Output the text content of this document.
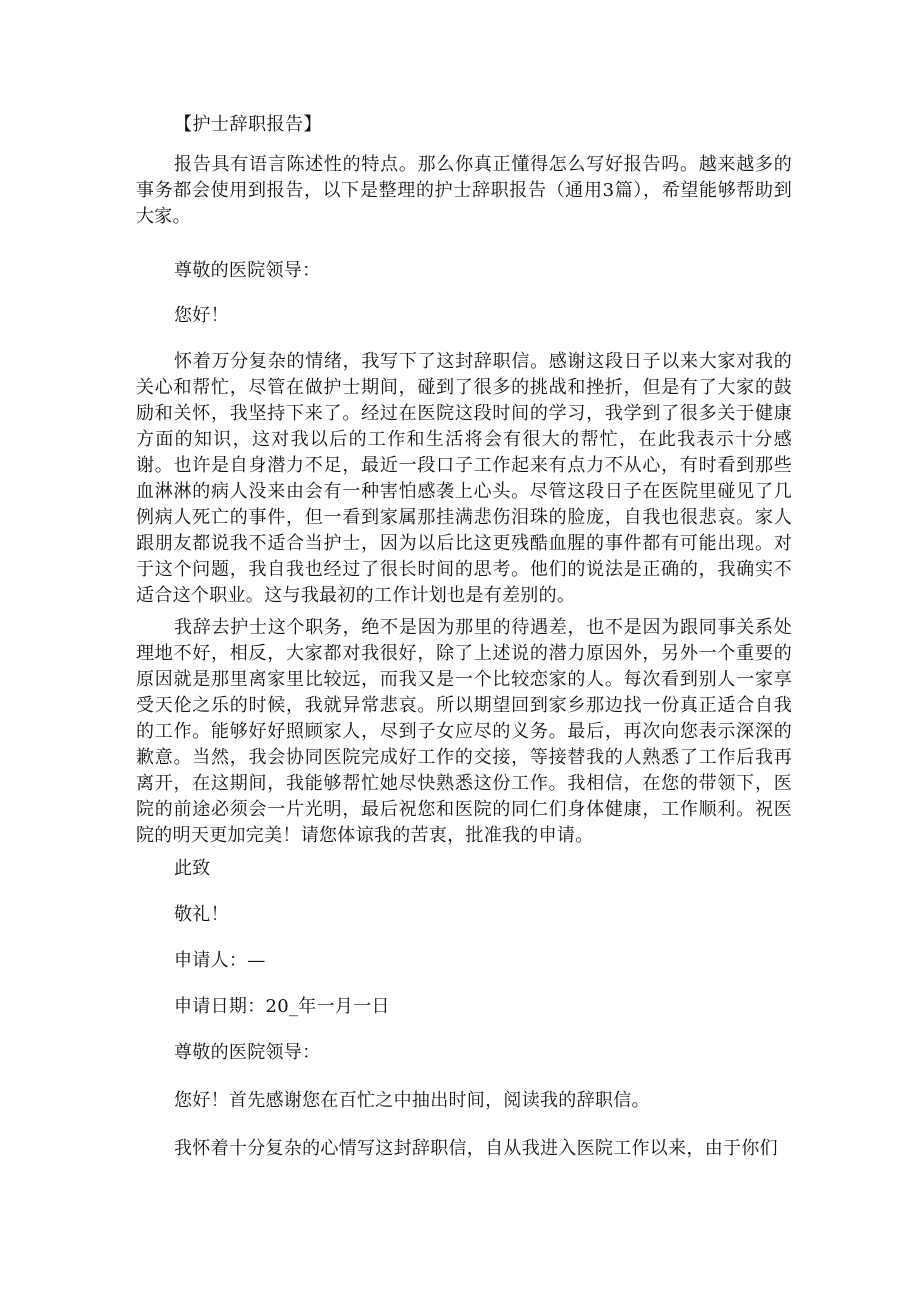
【护士辞职报告】
报告具有语言陈述性的特点。那么你真正懂得怎么写好报告吗。越来越多的事务都会使用到报告，以下是整理的护士辞职报告（通用3篇），希望能够帮助到大家。
尊敬的医院领导：
您好！
怀着万分复杂的情绪，我写下了这封辞职信。感谢这段日子以来大家对我的关心和帮忙，尽管在做护士期间，碰到了很多的挑战和挫折，但是有了大家的鼓励和关怀，我坚持下来了。经过在医院这段时间的学习，我学到了很多关于健康方面的知识，这对我以后的工作和生活将会有很大的帮忙，在此我表示十分感谢。也许是自身潜力不足，最近一段口子工作起来有点力不从心，有时看到那些血淋淋的病人没来由会有一种害怕感袭上心头。尽管这段日子在医院里碰见了几例病人死亡的事件，但一看到家属那挂满悲伤泪珠的脸庞，自我也很悲哀。家人跟朋友都说我不适合当护士，因为以后比这更残酷血腥的事件都有可能出现。对于这个问题，我自我也经过了很长时间的思考。他们的说法是正确的，我确实不适合这个职业。这与我最初的工作计划也是有差别的。
我辞去护士这个职务，绝不是因为那里的待遇差，也不是因为跟同事关系处理地不好，相反，大家都对我很好，除了上述说的潜力原因外，另外一个重要的原因就是那里离家里比较远，而我又是一个比较恋家的人。每次看到别人一家享受天伦之乐的时候，我就异常悲哀。所以期望回到家乡那边找一份真正适合自我的工作。能够好好照顾家人，尽到子女应尽的义务。最后，再次向您表示深深的歉意。当然，我会协同医院完成好工作的交接，等接替我的人熟悉了工作后我再离开，在这期间，我能够帮忙她尽快熟悉这份工作。我相信，在您的带领下，医院的前途必须会一片光明，最后祝您和医院的同仁们身体健康，工作顺利。祝医院的明天更加完美！请您体谅我的苦衷，批准我的申请。
此致
敬礼！
申请人：—
申请日期：20_年一月一日
尊敬的医院领导：
您好！首先感谢您在百忙之中抽出时间，阅读我的辞职信。
我怀着十分复杂的心情写这封辞职信，自从我进入医院工作以来，由于你们
